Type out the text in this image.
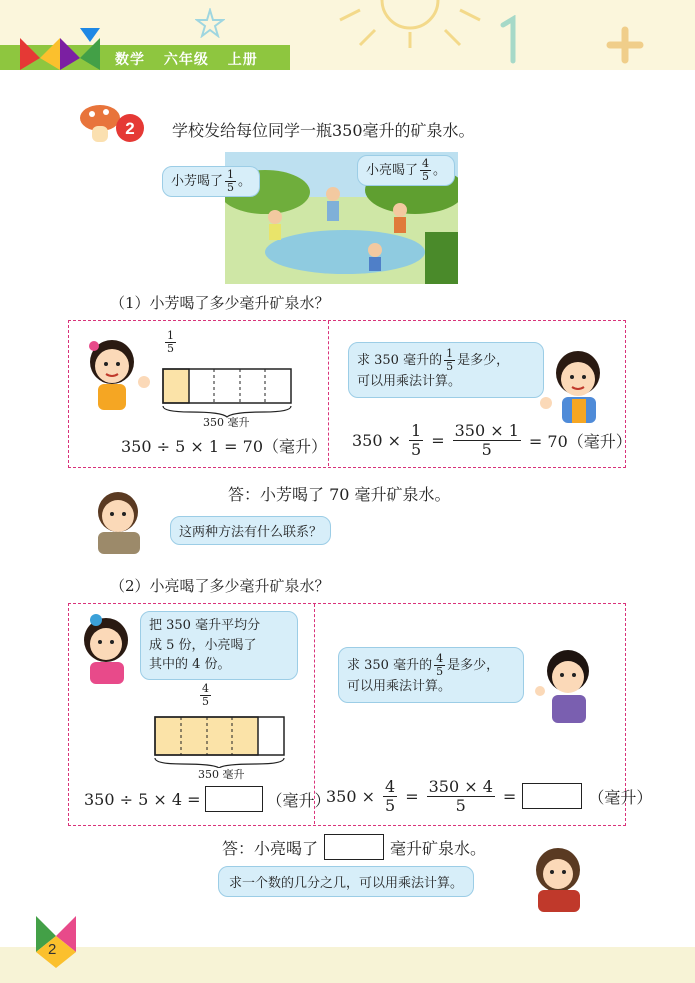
数学 六年级 上册
2 学校发给每位同学一瓶350毫升的矿泉水。
小芳喝了 $\frac{1}{5}$ 。
小亮喝了 $\frac{4}{5}$ 。
（1）小芳喝了多少毫升矿泉水？
$\frac{1}{5}$
350 毫升
350 ÷ 5 × 1 = 70（毫升）
求 350 毫升的 $\frac{1}{5}$ 是多少，
可以用乘法计算。
$350 \times \frac{1}{5} = \frac{350 \times 1}{5} = 70$（毫升）
答：小芳喝了 70 毫升矿泉水。
这两种方法有什么联系？
（2）小亮喝了多少毫升矿泉水？
把 350 毫升平均分
成 5 份，小亮喝了
其中的 4 份。
$\frac{4}{5}$
350 毫升
350 ÷ 5 × 4 =	（毫升）
求 350 毫升的 $\frac{4}{5}$ 是多少，
可以用乘法计算。
$350 \times \frac{4}{5} = \frac{350 \times 4}{5}$ =	（毫升）
答：小亮喝了	毫升矿泉水。
求一个数的几分之几，可以用乘法计算。
2
